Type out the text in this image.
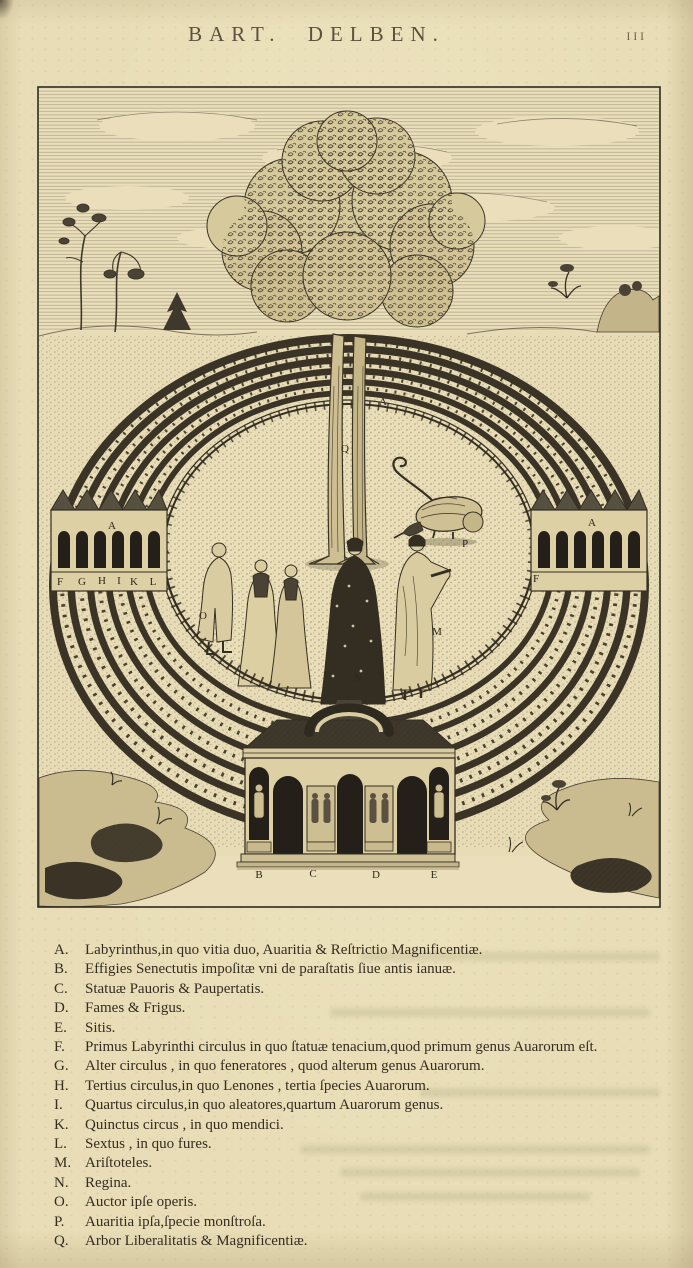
BART. DELBEN.	III
A	A
A
B	C	D	E
F G H I K L	F
M
N
O
P
Q
A.	Labyrinthus,in quo vitia duo, Auaritia & Reſtrictio Magnificentiæ.
B.	Effigies Senectutis impoſitæ vni de paraſtatis ſiue antis ianuæ.
C.	Statuæ Pauoris & Paupertatis.
D.	Fames & Frigus.
E.	Sitis.
F.	Primus Labyrinthi circulus in quo ſtatuæ tenacium,quod primum genus Auarorum eſt.
G.	Alter circulus , in quo feneratores , quod alterum genus Auarorum.
H.	Tertius circulus,in quo Lenones , tertia ſpecies Auarorum.
I.	Quartus circulus,in quo aleatores,quartum Auarorum genus.
K.	Quinctus circus , in quo mendici.
L.	Sextus , in quo fures.
M. Ariſtoteles.
N.	Regina.
O.	Auctor ipſe operis.
P.	Auaritia ipſa,ſpecie monſtroſa.
Q.	Arbor Liberalitatis & Magnificentiæ.
